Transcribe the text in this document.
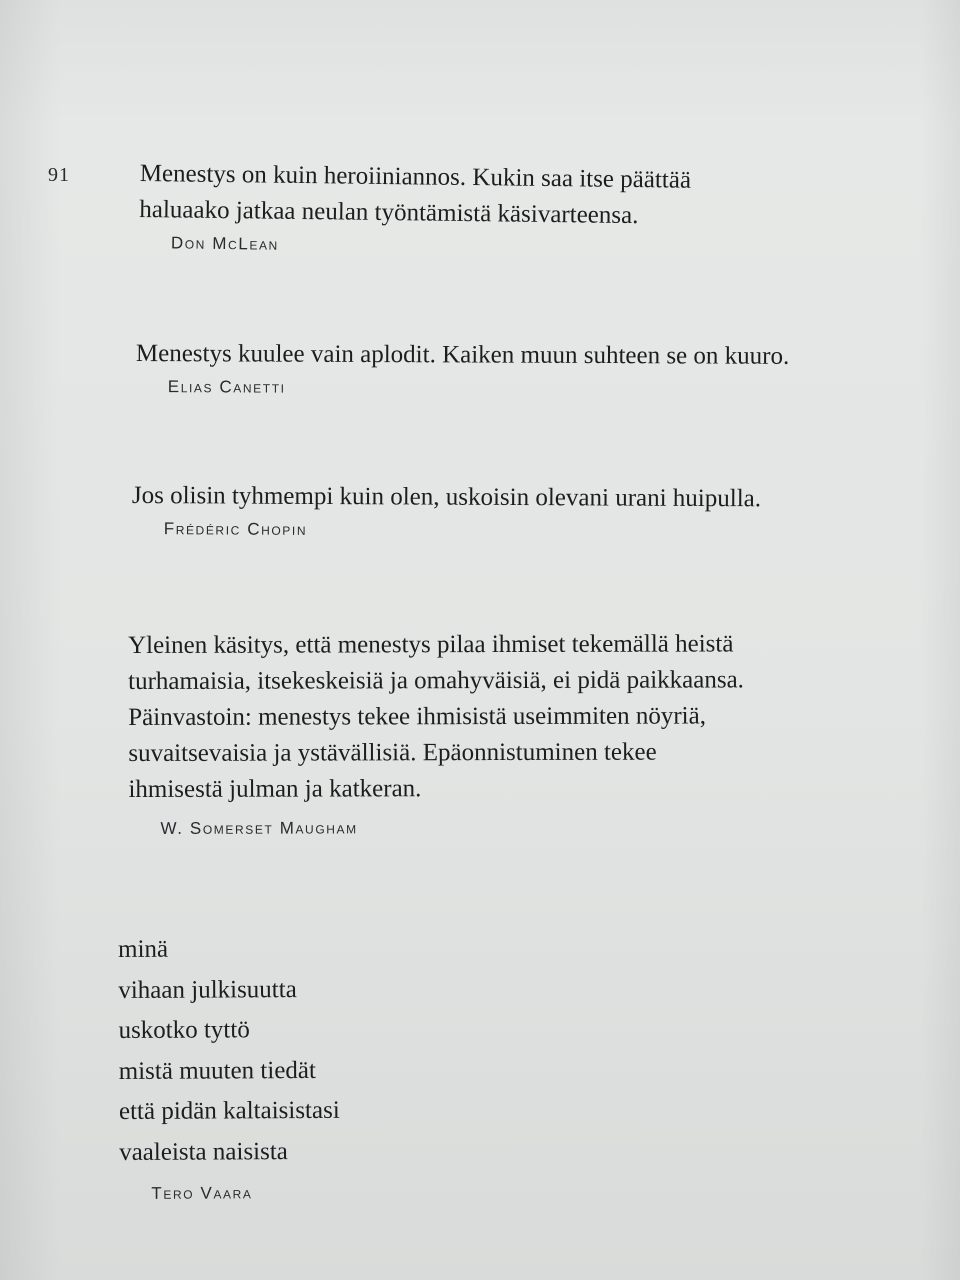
91	Menestys on kuin heroiiniannos. Kukin saa itse päättää
haluaako jatkaa neulan työntämistä käsivarteensa.
Don McLean
Menestys kuulee vain aplodit. Kaiken muun suhteen se on kuuro.
Elias Canetti
Jos olisin tyhmempi kuin olen, uskoisin olevani urani huipulla.
Frédéric Chopin
Yleinen käsitys, että menestys pilaa ihmiset tekemällä heistä
turhamaisia, itsekeskeisiä ja omahyväisiä, ei pidä paikkaansa.
Päinvastoin: menestys tekee ihmisistä useimmiten nöyriä,
suvaitsevaisia ja ystävällisiä. Epäonnistuminen tekee
ihmisestä julman ja katkeran.
W. Somerset Maugham
minä
vihaan julkisuutta
uskotko tyttö
mistä muuten tiedät
että pidän kaltaisistasi
vaaleista naisista
Tero Vaara
